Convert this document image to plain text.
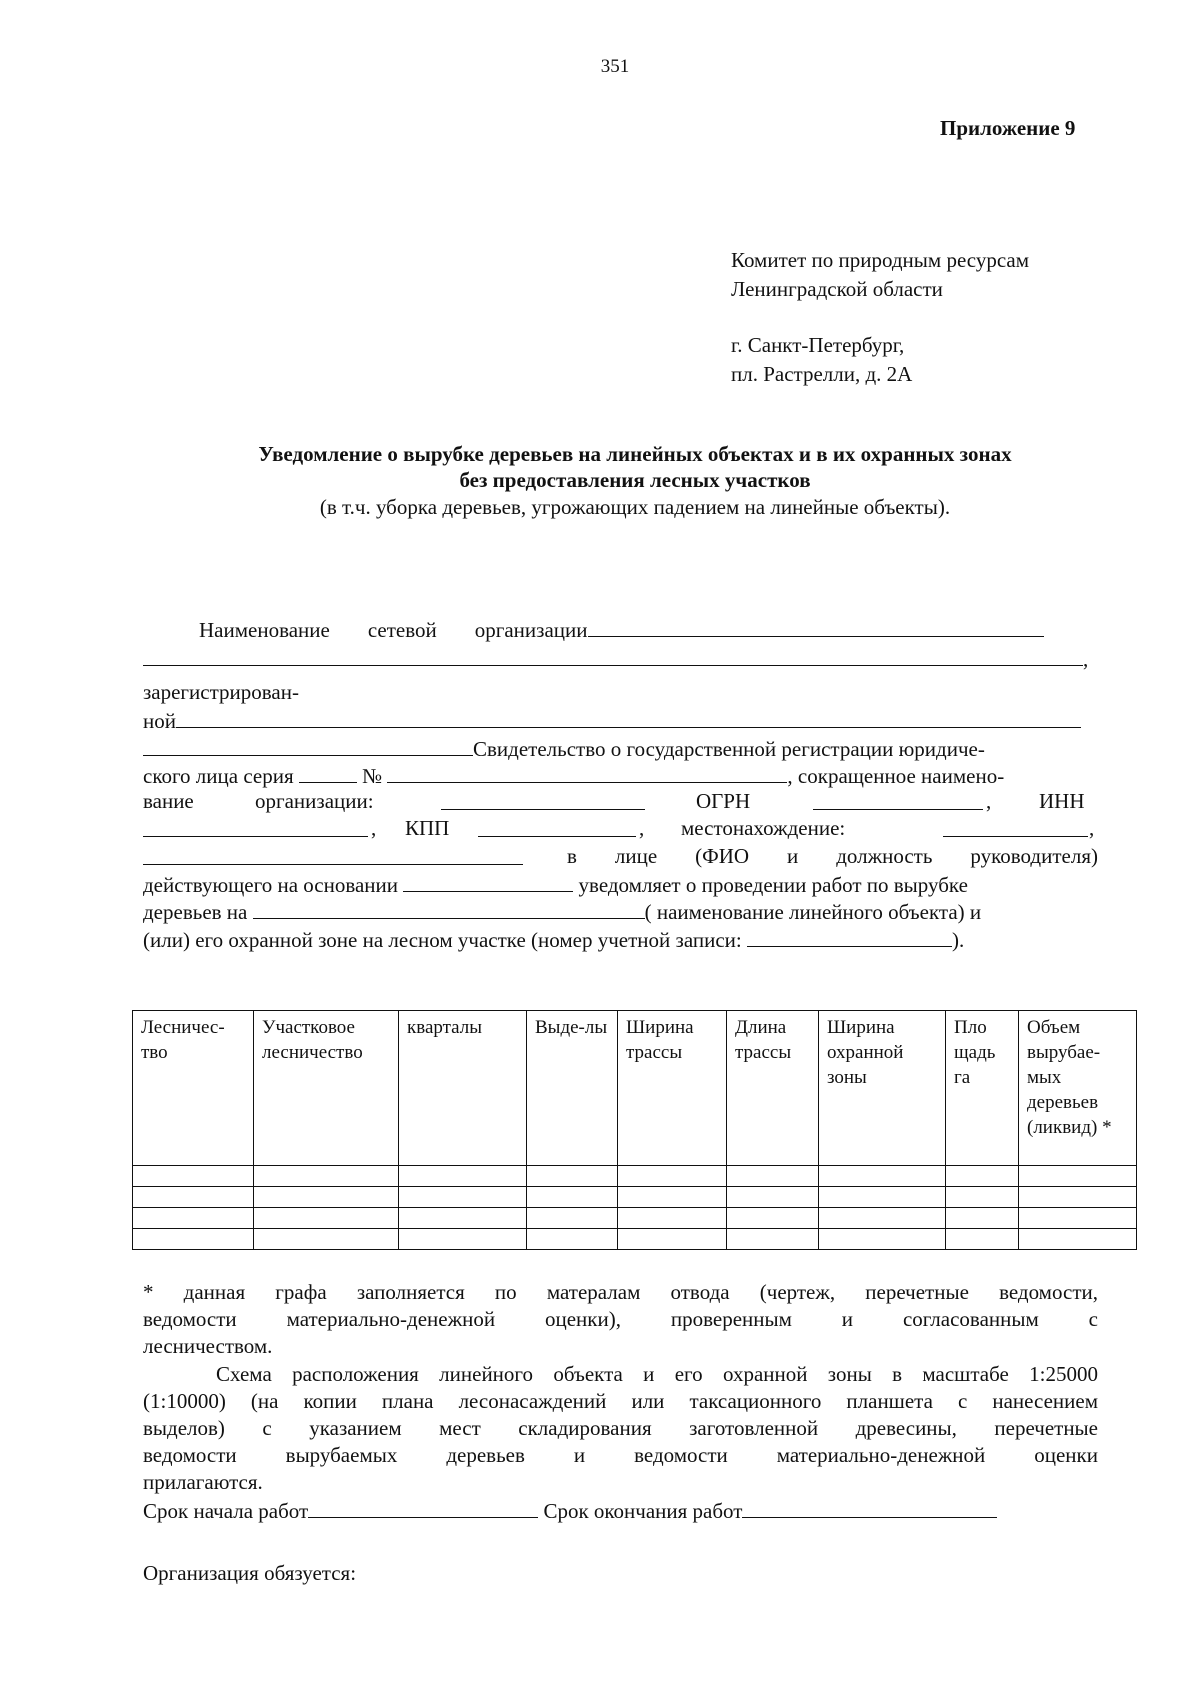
351
Приложение 9
Комитет по природным ресурсам
Ленинградской области
г. Санкт-Петербург,
пл. Растрелли, д. 2А
Уведомление о вырубке деревьев на линейных объектах и в их охранных зонах
без предоставления лесных участков
(в т.ч. уборка деревьев, угрожающих падением на линейные объекты).
Наименование сетевой организации
,
зарегистрирован-
ной
Свидетельство о государственной регистрации юридиче-
ского лица серия	№	, сокращенное наимено-
вание	организации:	ОГРН	, ИНН
, КПП	, местонахождение:	,
в лице (ФИО и должность руководителя)
действующего на основании	уведомляет о проведении работ по вырубке
деревьев на	( наименование линейного объекта) и
(или) его охранной зоне на лесном участке (номер учетной записи:	).
Лесничес-тво	Участковое лесничество	кварталы	Выде-лы	Ширина трассы	Длина трассы	Ширина охранной зоны	Пло щадь га	Объем вырубае-мых деревьев (ликвид) *

* данная графа заполняется по матералам отвода (чертеж, перечетные ведомости,
ведомости материально-денежной оценки), проверенным и согласованным с
лесничеством.
Схема расположения линейного объекта и его охранной зоны в масштабе 1:25000
(1:10000) (на копии плана лесонасаждений или таксационного планшета с нанесением
выделов) с указанием мест складирования заготовленной древесины, перечетные
ведомости вырубаемых деревьев и ведомости материально-денежной оценки
прилагаются.
Срок начала работ	Срок окончания работ
Организация обязуется:
